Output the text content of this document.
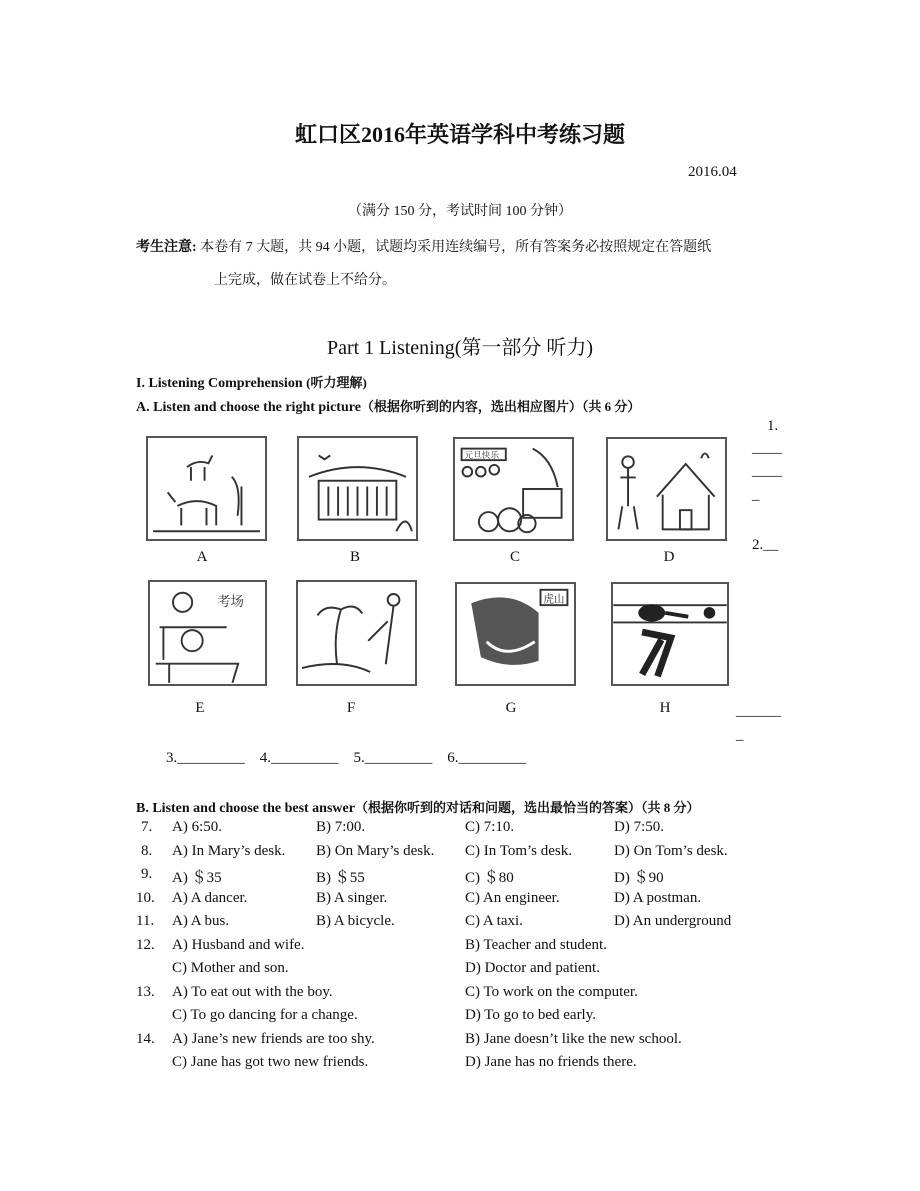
虹口区2016年英语学科中考练习题
2016.04
（满分 150 分，考试时间 100 分钟）
考生注意: 本卷有 7 大题，共 94 小题，试题均采用连续编号，所有答案务必按照规定在答题纸
上完成，做在试卷上不给分。
Part 1 Listening(第一部分 听力)
I. Listening Comprehension (听力理解)
A. Listen and choose the right picture（根据你听到的内容，选出相应图片）（共 6 分）
元旦快乐
A	B	C	D
考场	虎山
E	F	G	H
1.
____
____
_
2.__
______
_
3._________    4._________    5._________    6._________
B. Listen and choose the best answer（根据你听到的对话和问题，选出最恰当的答案）（共 8 分）
7. A) 6:50.	B) 7:00.	C) 7:10.	D) 7:50.
8. A) In Mary’s desk. B) On Mary’s desk. C) In Tom’s desk.	D) On Tom’s desk.
9. A) ＄35	B) ＄55	C) ＄80	D) ＄90
10. A) A dancer.	B) A singer.	C) An engineer.	D) A postman.
11. A) A bus.	B) A bicycle.	C) A taxi.	D) An underground
12. A) Husband and wife.	B) Teacher and student.
C) Mother and son.	D) Doctor and patient.
13. A) To eat out with the boy.	C) To work on the computer.
C) To go dancing for a change.	D) To go to bed early.
14. A) Jane’s new friends are too shy.	B) Jane doesn’t like the new school.
C) Jane has got two new friends.	D) Jane has no friends there.
